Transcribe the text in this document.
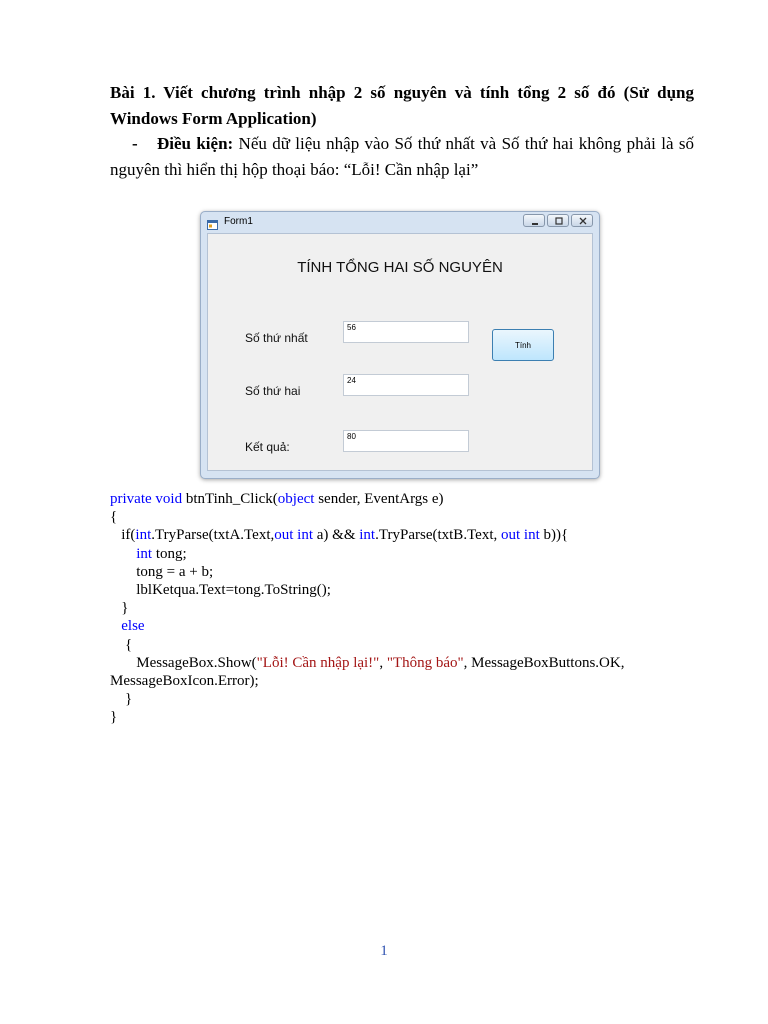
Bài 1. Viết chương trình nhập 2 số nguyên và tính tổng 2 số đó (Sử dụng Windows Form Application)
- Điều kiện: Nếu dữ liệu nhập vào Số thứ nhất và Số thứ hai không phải là số nguyên thì hiển thị hộp thoại báo: “Lỗi! Cần nhập lại”
Form1
TÍNH TỔNG HAI SỐ NGUYÊN
Số thứ nhất
56
Số thứ hai
24
Kết quả:
80
Tính
private void btnTinh_Click(object sender, EventArgs e)
{
if(int.TryParse(txtA.Text,out int a) && int.TryParse(txtB.Text, out int b)){
int tong;
tong = a + b;
lblKetqua.Text=tong.ToString();
}
else
{
MessageBox.Show("Lỗi! Cần nhập lại!", "Thông báo", MessageBoxButtons.OK,
MessageBoxIcon.Error);
}
}
1
